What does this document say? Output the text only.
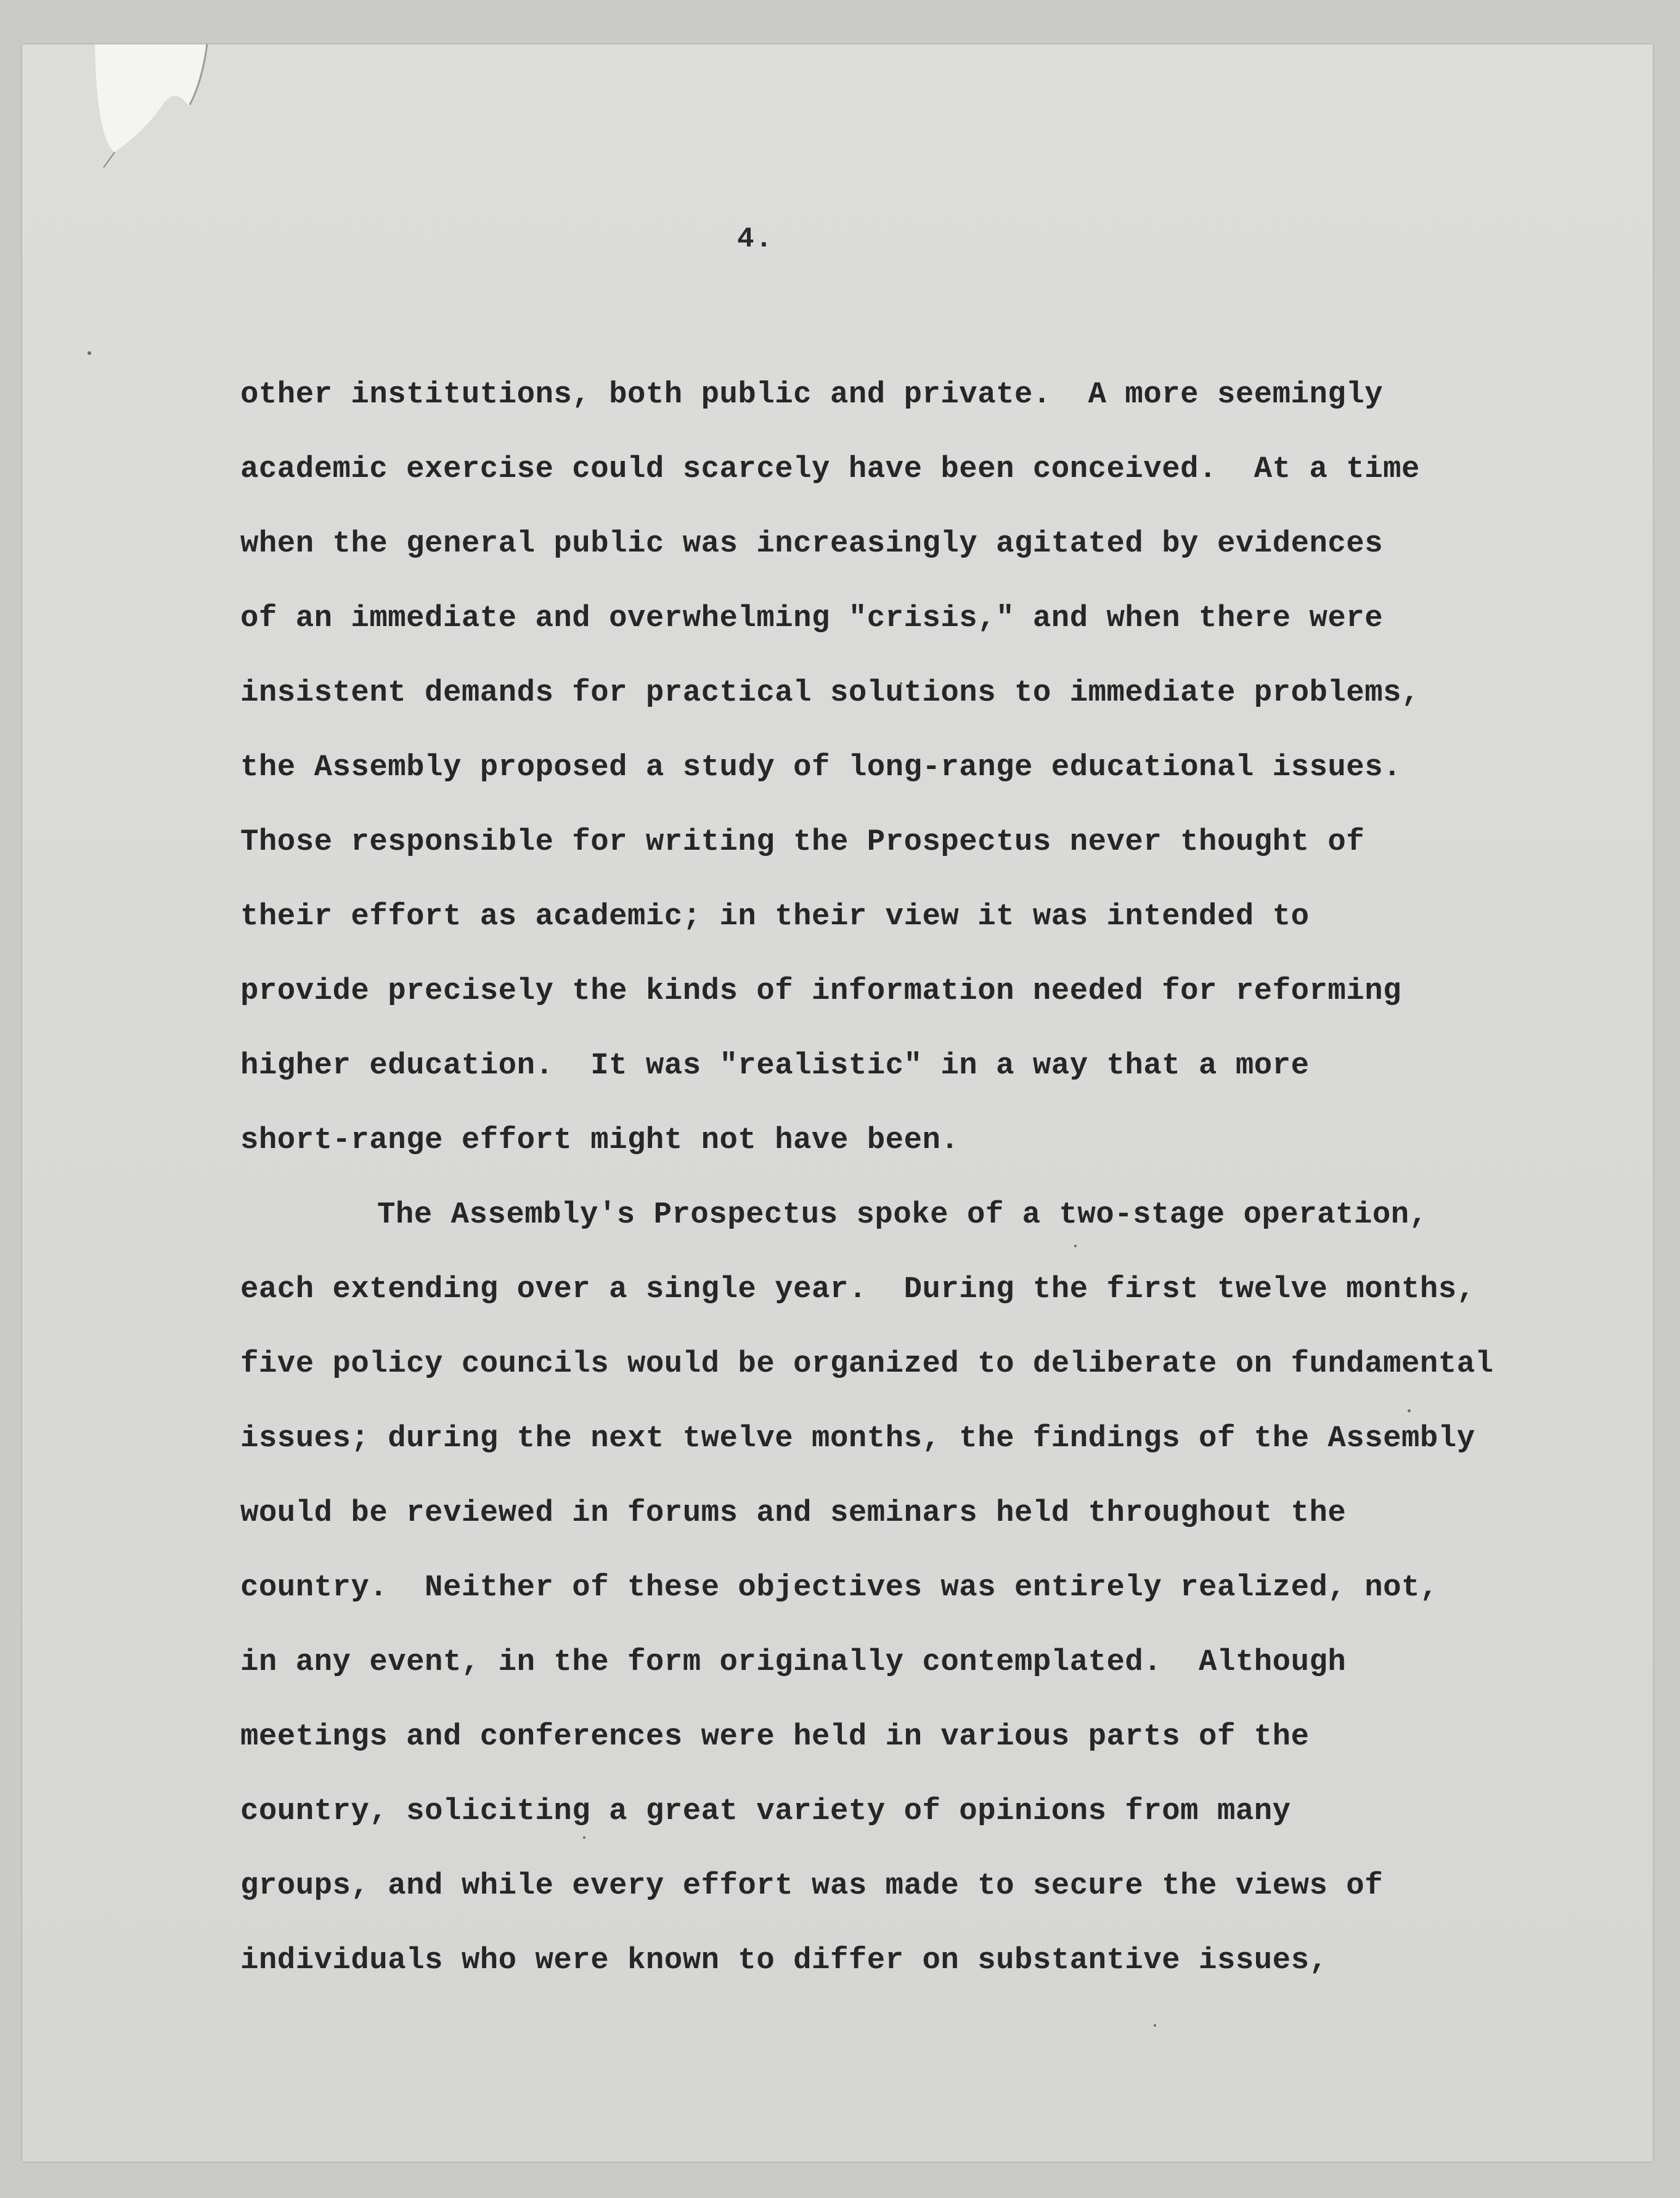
4.
other institutions, both public and private.  A more seemingly
academic exercise could scarcely have been conceived.  At a time
when the general public was increasingly agitated by evidences
of an immediate and overwhelming "crisis," and when there were
insistent demands for practical solutions to immediate problems,
the Assembly proposed a study of long-range educational issues.
Those responsible for writing the Prospectus never thought of
their effort as academic; in their view it was intended to
provide precisely the kinds of information needed for reforming
higher education.  It was "realistic" in a way that a more
short-range effort might not have been.
The Assembly's Prospectus spoke of a two-stage operation,
each extending over a single year.  During the first twelve months,
five policy councils would be organized to deliberate on fundamental
issues; during the next twelve months, the findings of the Assembly
would be reviewed in forums and seminars held throughout the
country.  Neither of these objectives was entirely realized, not,
in any event, in the form originally contemplated.  Although
meetings and conferences were held in various parts of the
country, soliciting a great variety of opinions from many
groups, and while every effort was made to secure the views of
individuals who were known to differ on substantive issues,
